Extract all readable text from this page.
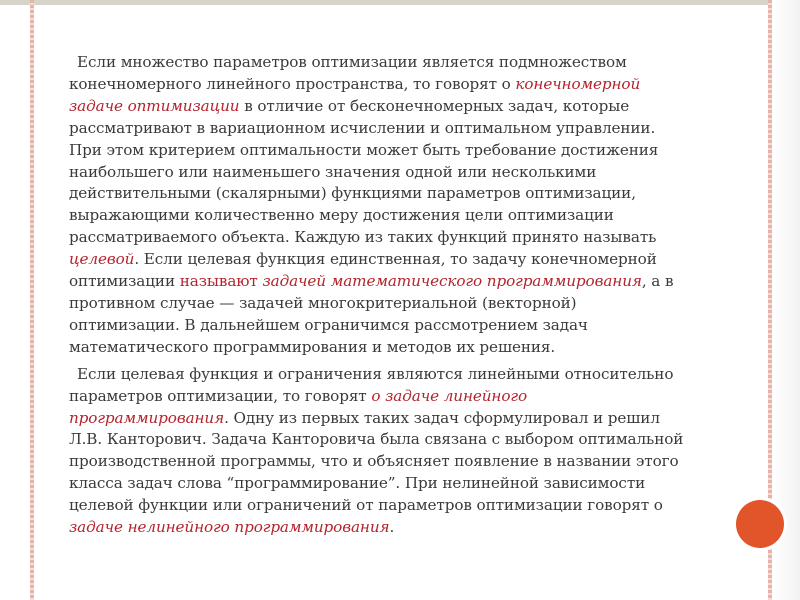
Если множество параметров оптимизации является подмножеством конечномерного линейного пространства, то говорят о конечномерной задаче оптимизации в отличие от бесконечномерных задач, которые рассматривают в вариационном исчислении и оптимальном управлении. При этом критерием оптимальности может быть требование достижения наибольшего или наименьшего значения одной или несколькими действительными (скалярными) функциями параметров оптимизации, выражающими количественно меру достижения цели оптимизации рассматриваемого объекта. Каждую из таких функций принято называть целевой. Если целевая функция единственная, то задачу конечномерной оптимизации называют задачей математического программирования, а в противном случае — задачей многокритериальной (векторной) оптимизации. В дальнейшем ограничимся рассмотрением задач математического программирования и методов их решения.

Если целевая функция и ограничения являются линейными относительно параметров оптимизации, то говорят о задаче линейного программирования. Одну из первых таких задач сформулировал и решил Л.В. Канторович. Задача Канторовича была связана с выбором оптимальной производственной программы, что и объясняет появление в названии этого класса задач слова “программирование”. При нелинейной зависимости целевой функции или ограничений от параметров оптимизации говорят о задаче нелинейного программирования.
